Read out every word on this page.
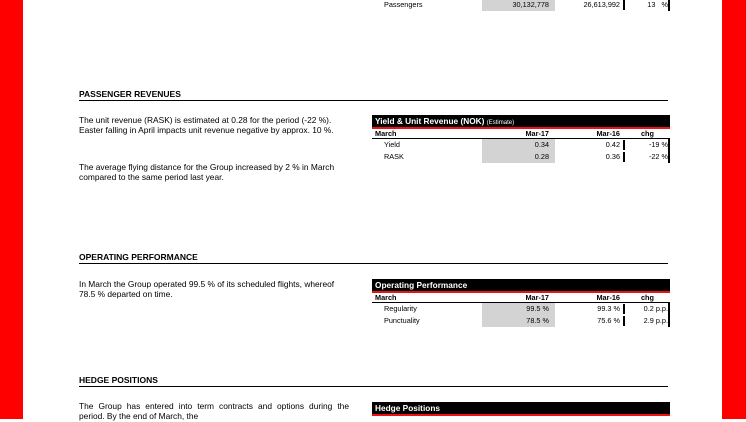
Passengers	30,132,778	26,613,992	13 %
PASSENGER REVENUES
The unit revenue (RASK) is estimated at 0.28 for the period (-22 %). Easter falling in April impacts unit revenue negative by approx. 10 %.
The average flying distance for the Group increased by 2 % in March compared to the same period last year.
Yield & Unit Revenue (NOK) (Estimate)
March	Mar-17	Mar-16	chg
Yield	0.34	0.42	-19 %
RASK	0.28	0.36	-22 %
OPERATING PERFORMANCE
In March the Group operated 99.5 % of its scheduled flights, whereof 78.5 % departed on time.
Operating Performance
March	Mar-17	Mar-16	chg
Regularity	99.5 %	99.3 %	0.2 p.p.
Punctuality	78.5 %	75.6 %	2.9 p.p.
HEDGE POSITIONS
The Group has entered into term contracts and options during the period. By the end of March, the
Hedge Positions
